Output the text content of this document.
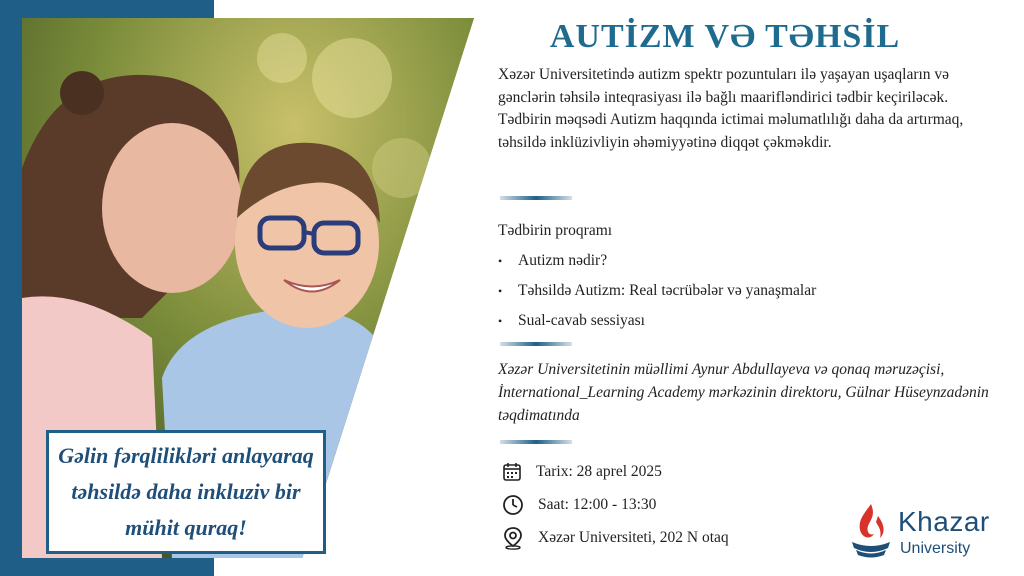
Gəlin fərqlilikləri anlayaraq təhsildə daha inkluziv bir mühit quraq!
AUTİZM VƏ TƏHSİL
Xəzər Universitetində autizm spektr pozuntuları ilə yaşayan uşaqların və gənclərin təhsilə inteqrasiyası ilə bağlı maarifləndirici tədbir keçiriləcək. Tədbirin məqsədi Autizm haqqında ictimai məlumatlılığı daha da artırmaq, təhsildə inklüzivliyin əhəmiyyətinə diqqət çəkməkdir.
Tədbirin proqramı
• Autizm nədir?
• Təhsildə Autizm: Real təcrübələr və yanaşmalar
• Sual-cavab sessiyası
Xəzər Universitetinin müəllimi Aynur Abdullayeva və qonaq məruzəçisi, İnternational_Learning Academy mərkəzinin direktoru, Gülnar Hüseynzadənin təqdimatında
Tarix: 28 aprel 2025
Saat: 12:00 - 13:30
Xəzər Universiteti, 202 N otaq
Khazar
University
